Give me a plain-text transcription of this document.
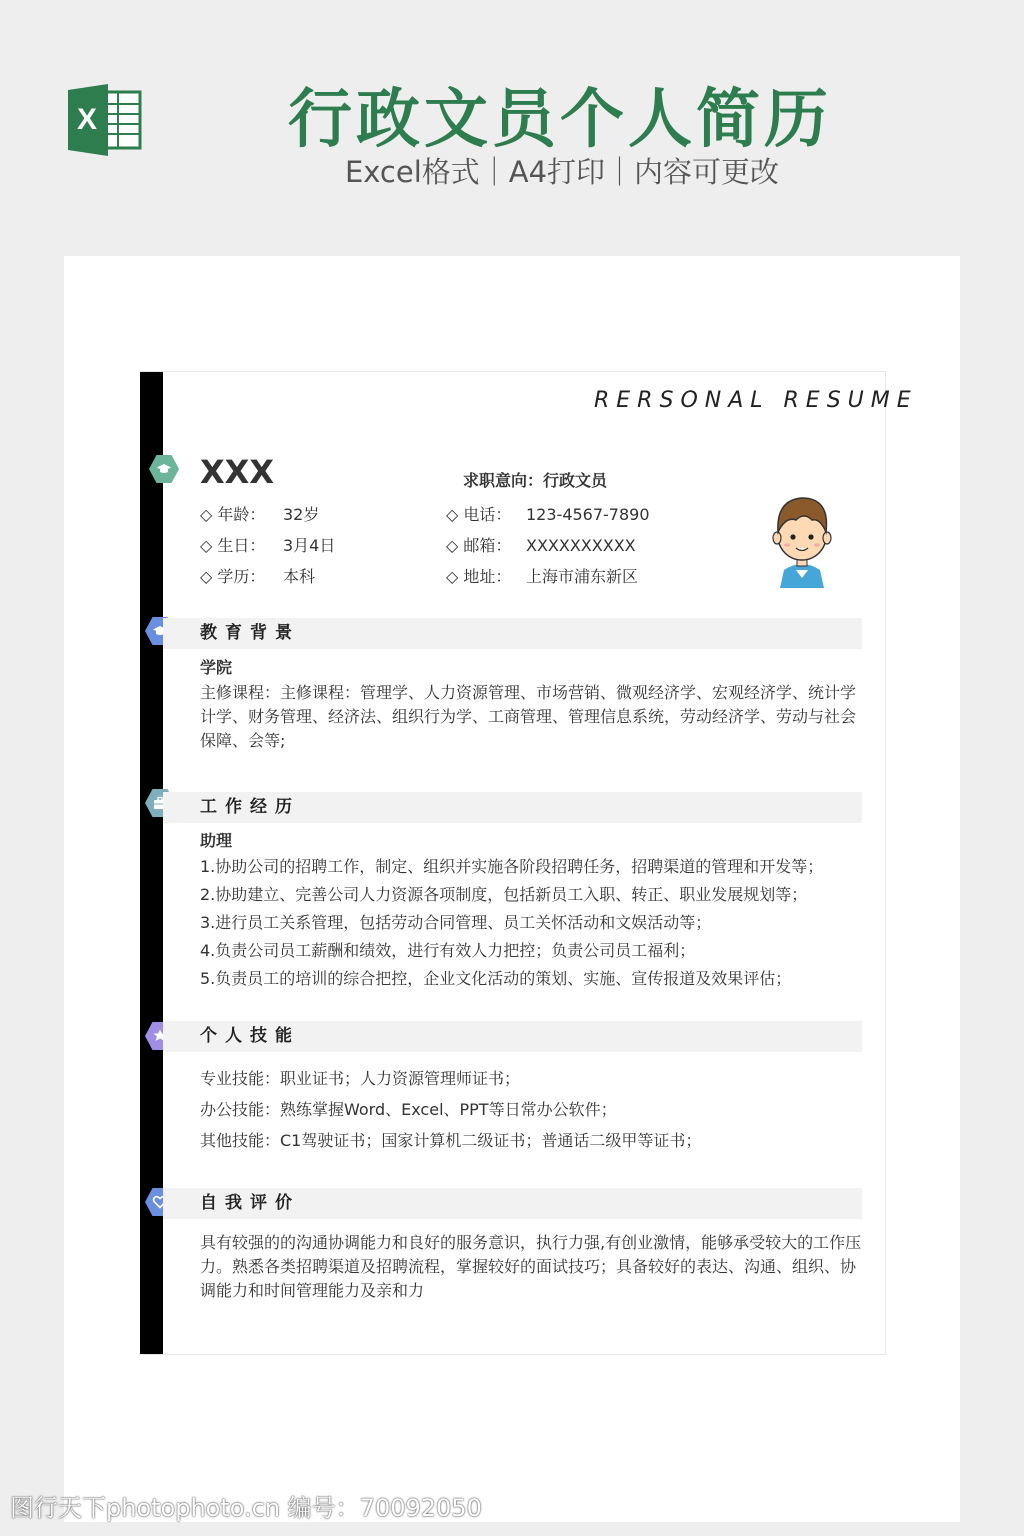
X	行政文员个人简历
Excel格式｜A4打印｜内容可更改
RERSONAL RESUME
XXX	求职意向：行政文员
◇ 年龄： 32岁
◇ 生日： 3月4日
◇ 学历： 本科
◇ 电话： 123-4567-7890
◇ 邮箱： XXXXXXXXXX
◇ 地址： 上海市浦东新区
教育背景
学院
主修课程：主修课程：管理学、人力资源管理、市场营销、微观经济学、宏观经济学、统计学计学、财务管理、经济法、组织行为学、工商管理、管理信息系统，劳动经济学、劳动与社会保障、会等;
工作经历
助理
1.协助公司的招聘工作，制定、组织并实施各阶段招聘任务，招聘渠道的管理和开发等；
2.协助建立、完善公司人力资源各项制度，包括新员工入职、转正、职业发展规划等；
3.进行员工关系管理，包括劳动合同管理、员工关怀活动和文娱活动等；
4.负责公司员工薪酬和绩效，进行有效人力把控；负责公司员工福利；
5.负责员工的培训的综合把控，企业文化活动的策划、实施、宣传报道及效果评估；
个人技能
专业技能：职业证书；人力资源管理师证书；
办公技能：熟练掌握Word、Excel、PPT等日常办公软件；
其他技能：C1驾驶证书；国家计算机二级证书；普通话二级甲等证书；
自我评价
具有较强的的沟通协调能力和良好的服务意识，执行力强,有创业激情，能够承受较大的工作压力。熟悉各类招聘渠道及招聘流程，掌握较好的面试技巧；具备较好的表达、沟通、组织、协调能力和时间管理能力及亲和力
图行天下photophoto.cn 编号：70092050
